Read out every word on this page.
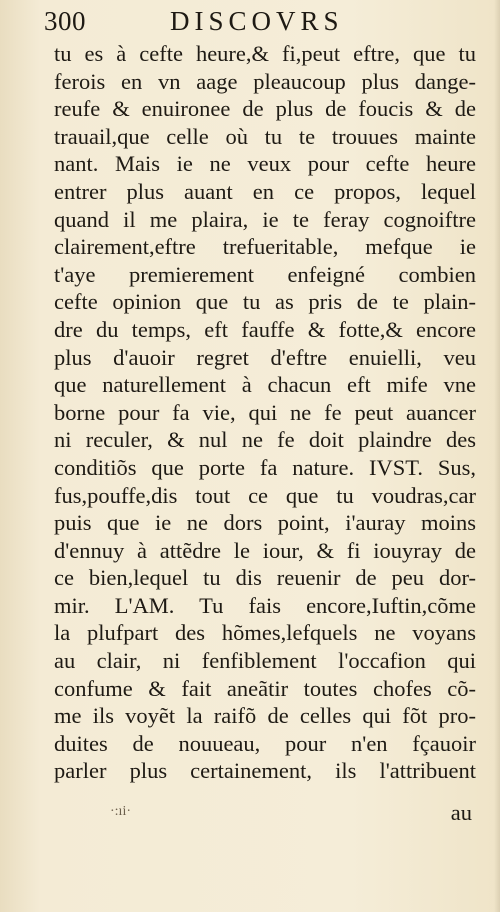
300	DISCOVRS
tu es à cefte heure,& fi,peut eftre, que tu
ferois en vn aage pleaucoup plus dange-
reufe & enuironee de plus de foucis & de
trauail,que celle où tu te trouues mainte
nant. Mais ie ne veux pour cefte heure
entrer plus auant en ce propos, lequel
quand il me plaira, ie te feray cognoiftre
clairement,eftre trefueritable, mefque ie
t'aye premierement enfeigné combien
cefte opinion que tu as pris de te plain-
dre du temps, eft fauffe & fotte,& encore
plus d'auoir regret d'eftre enuielli, veu
que naturellement à chacun eft mife vne
borne pour fa vie, qui ne fe peut auancer
ni reculer, & nul ne fe doit plaindre des
conditiõs que porte fa nature. IVST. Sus,
fus,pouffe,dis tout ce que tu voudras,car
puis que ie ne dors point, i'auray moins
d'ennuy à attẽdre le iour, & fi iouyray de
ce bien,lequel tu dis reuenir de peu dor-
mir. L'AM. Tu fais encore,Iuftin,cõme
la plufpart des hõmes,lefquels ne voyans
au clair, ni fenfiblement l'occafion qui
confume & fait aneãtir toutes chofes cõ-
me ils voyẽt la raifõ de celles qui fõt pro-
duites de nouueau, pour n'en fçauoir
parler plus certainement, ils l'attribuent
·:ıi·	au
